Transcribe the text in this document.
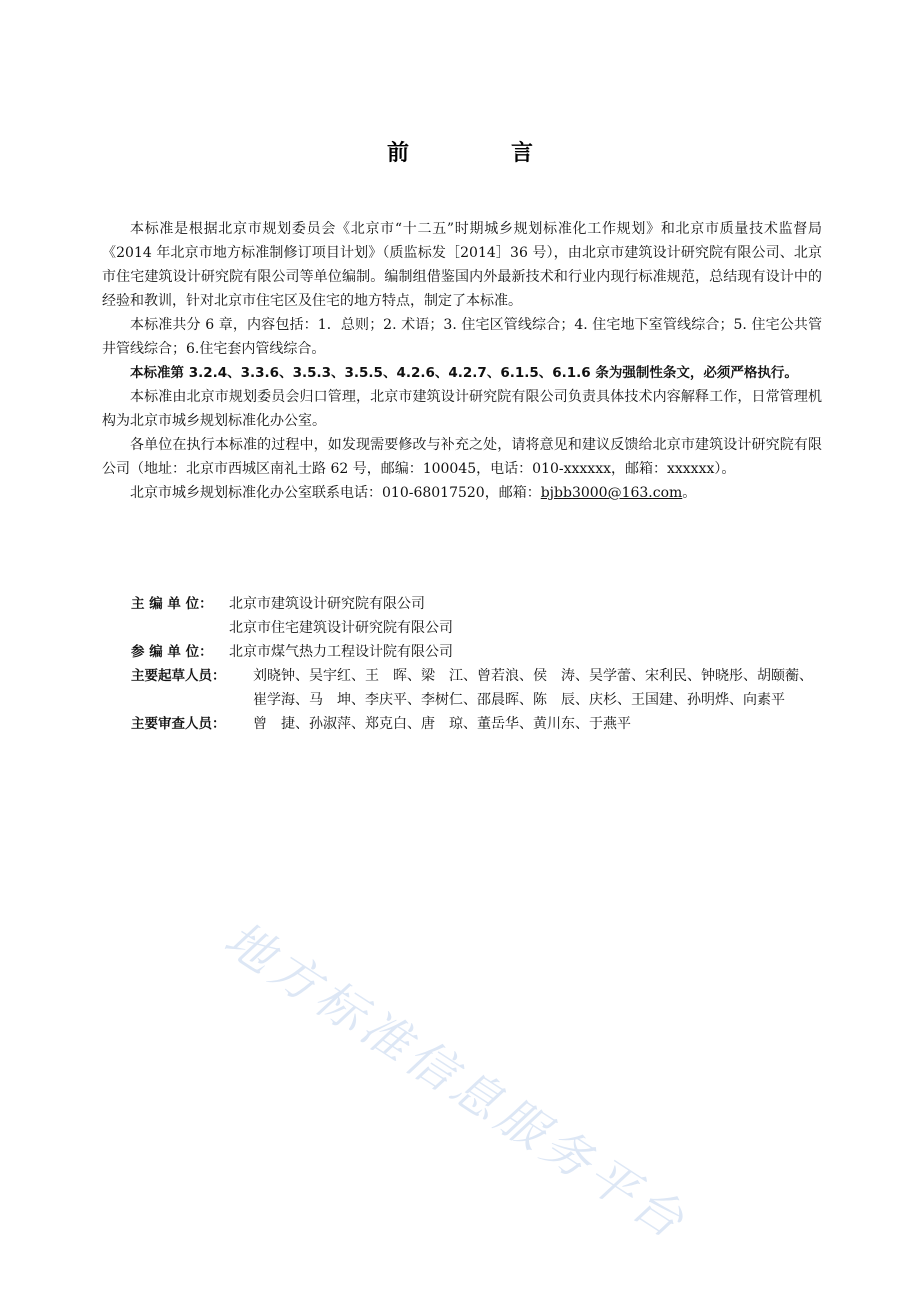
前　言

本标准是根据北京市规划委员会《北京市“十二五”时期城乡规划标准化工作规划》和北京市质量技术监督局《2014 年北京市地方标准制修订项目计划》（质监标发［2014］36 号），由北京市建筑设计研究院有限公司、北京市住宅建筑设计研究院有限公司等单位编制。编制组借鉴国内外最新技术和行业内现行标准规范，总结现有设计中的经验和教训，针对北京市住宅区及住宅的地方特点，制定了本标准。

本标准共分 6 章，内容包括：1．总则；2. 术语；3. 住宅区管线综合；4. 住宅地下室管线综合；5. 住宅公共管井管线综合；6.住宅套内管线综合。

本标准第 3.2.4、3.3.6、3.5.3、3.5.5、4.2.6、4.2.7、6.1.5、6.1.6 条为强制性条文，必须严格执行。

本标准由北京市规划委员会归口管理，北京市建筑设计研究院有限公司负责具体技术内容解释工作，日常管理机构为北京市城乡规划标准化办公室。

各单位在执行本标准的过程中，如发现需要修改与补充之处，请将意见和建议反馈给北京市建筑设计研究院有限公司（地址：北京市西城区南礼士路 62 号，邮编：100045，电话：010-xxxxxx，邮箱：xxxxxx）。

北京市城乡规划标准化办公室联系电话：010-68017520，邮箱：bjbb3000@163.com。

主 编 单 位：	北京市建筑设计研究院有限公司
北京市住宅建筑设计研究院有限公司
参 编 单 位：	北京市煤气热力工程设计院有限公司
主要起草人员：	刘晓钟、吴宇红、王　晖、梁　江、曾若浪、侯　涛、吴学蕾、宋利民、钟晓彤、胡颐蘅、崔学海、马　坤、李庆平、李树仁、邵晨晖、陈　辰、庆杉、王国建、孙明烨、向素平
主要审查人员：	曾　捷、孙淑萍、郑克白、唐　琼、董岳华、黄川东、于燕平
地方标准信息服务平台
